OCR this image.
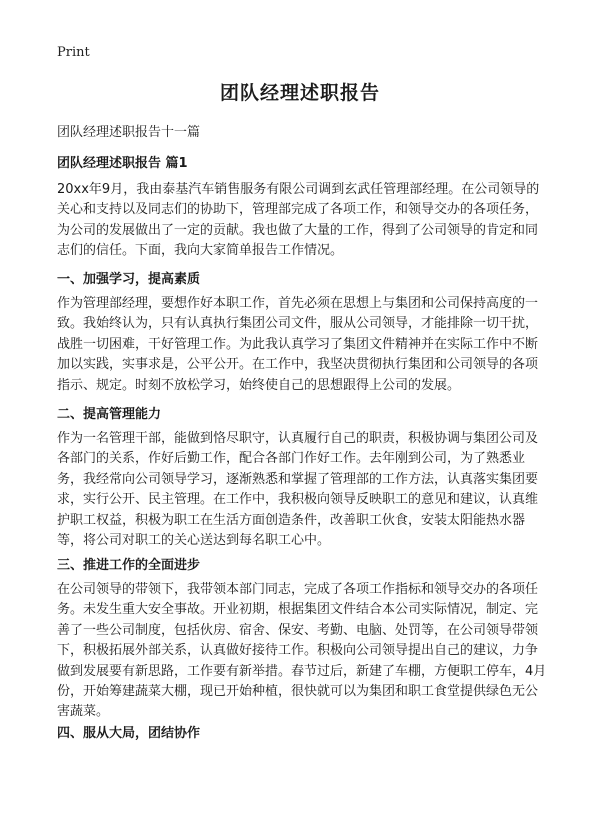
Print
团队经理述职报告
团队经理述职报告十一篇
团队经理述职报告 篇1

20xx年9月，我由泰基汽车销售服务有限公司调到玄武任管理部经理。在公司领导的关心和支持以及同志们的协助下，管理部完成了各项工作，和领导交办的各项任务，为公司的发展做出了一定的贡献。我也做了大量的工作，得到了公司领导的肯定和同志们的信任。下面，我向大家简单报告工作情况。

一、加强学习，提高素质

作为管理部经理，要想作好本职工作，首先必须在思想上与集团和公司保持高度的一致。我始终认为，只有认真执行集团公司文件，服从公司领导，才能排除一切干扰，战胜一切困难，干好管理工作。为此我认真学习了集团文件精神并在实际工作中不断加以实践，实事求是，公平公开。在工作中，我坚决贯彻执行集团和公司领导的各项指示、规定。时刻不放松学习，始终使自己的思想跟得上公司的发展。

二、提高管理能力

作为一名管理干部，能做到恪尽职守，认真履行自己的职责，积极协调与集团公司及各部门的关系，作好后勤工作，配合各部门作好工作。去年刚到公司，为了熟悉业务，我经常向公司领导学习，逐渐熟悉和掌握了管理部的工作方法，认真落实集团要求，实行公开、民主管理。在工作中，我积极向领导反映职工的意见和建议，认真维护职工权益，积极为职工在生活方面创造条件，改善职工伙食，安装太阳能热水器等，将公司对职工的关心送达到每名职工心中。

三、推进工作的全面进步

在公司领导的带领下，我带领本部门同志，完成了各项工作指标和领导交办的各项任务。未发生重大安全事故。开业初期，根据集团文件结合本公司实际情况，制定、完善了一些公司制度，包括伙房、宿舍、保安、考勤、电脑、处罚等，在公司领导带领下，积极拓展外部关系，认真做好接待工作。积极向公司领导提出自己的建议，力争做到发展要有新思路，工作要有新举措。春节过后，新建了车棚，方便职工停车，4月份，开始筹建蔬菜大棚，现已开始种植，很快就可以为集团和职工食堂提供绿色无公害蔬菜。

四、服从大局，团结协作
